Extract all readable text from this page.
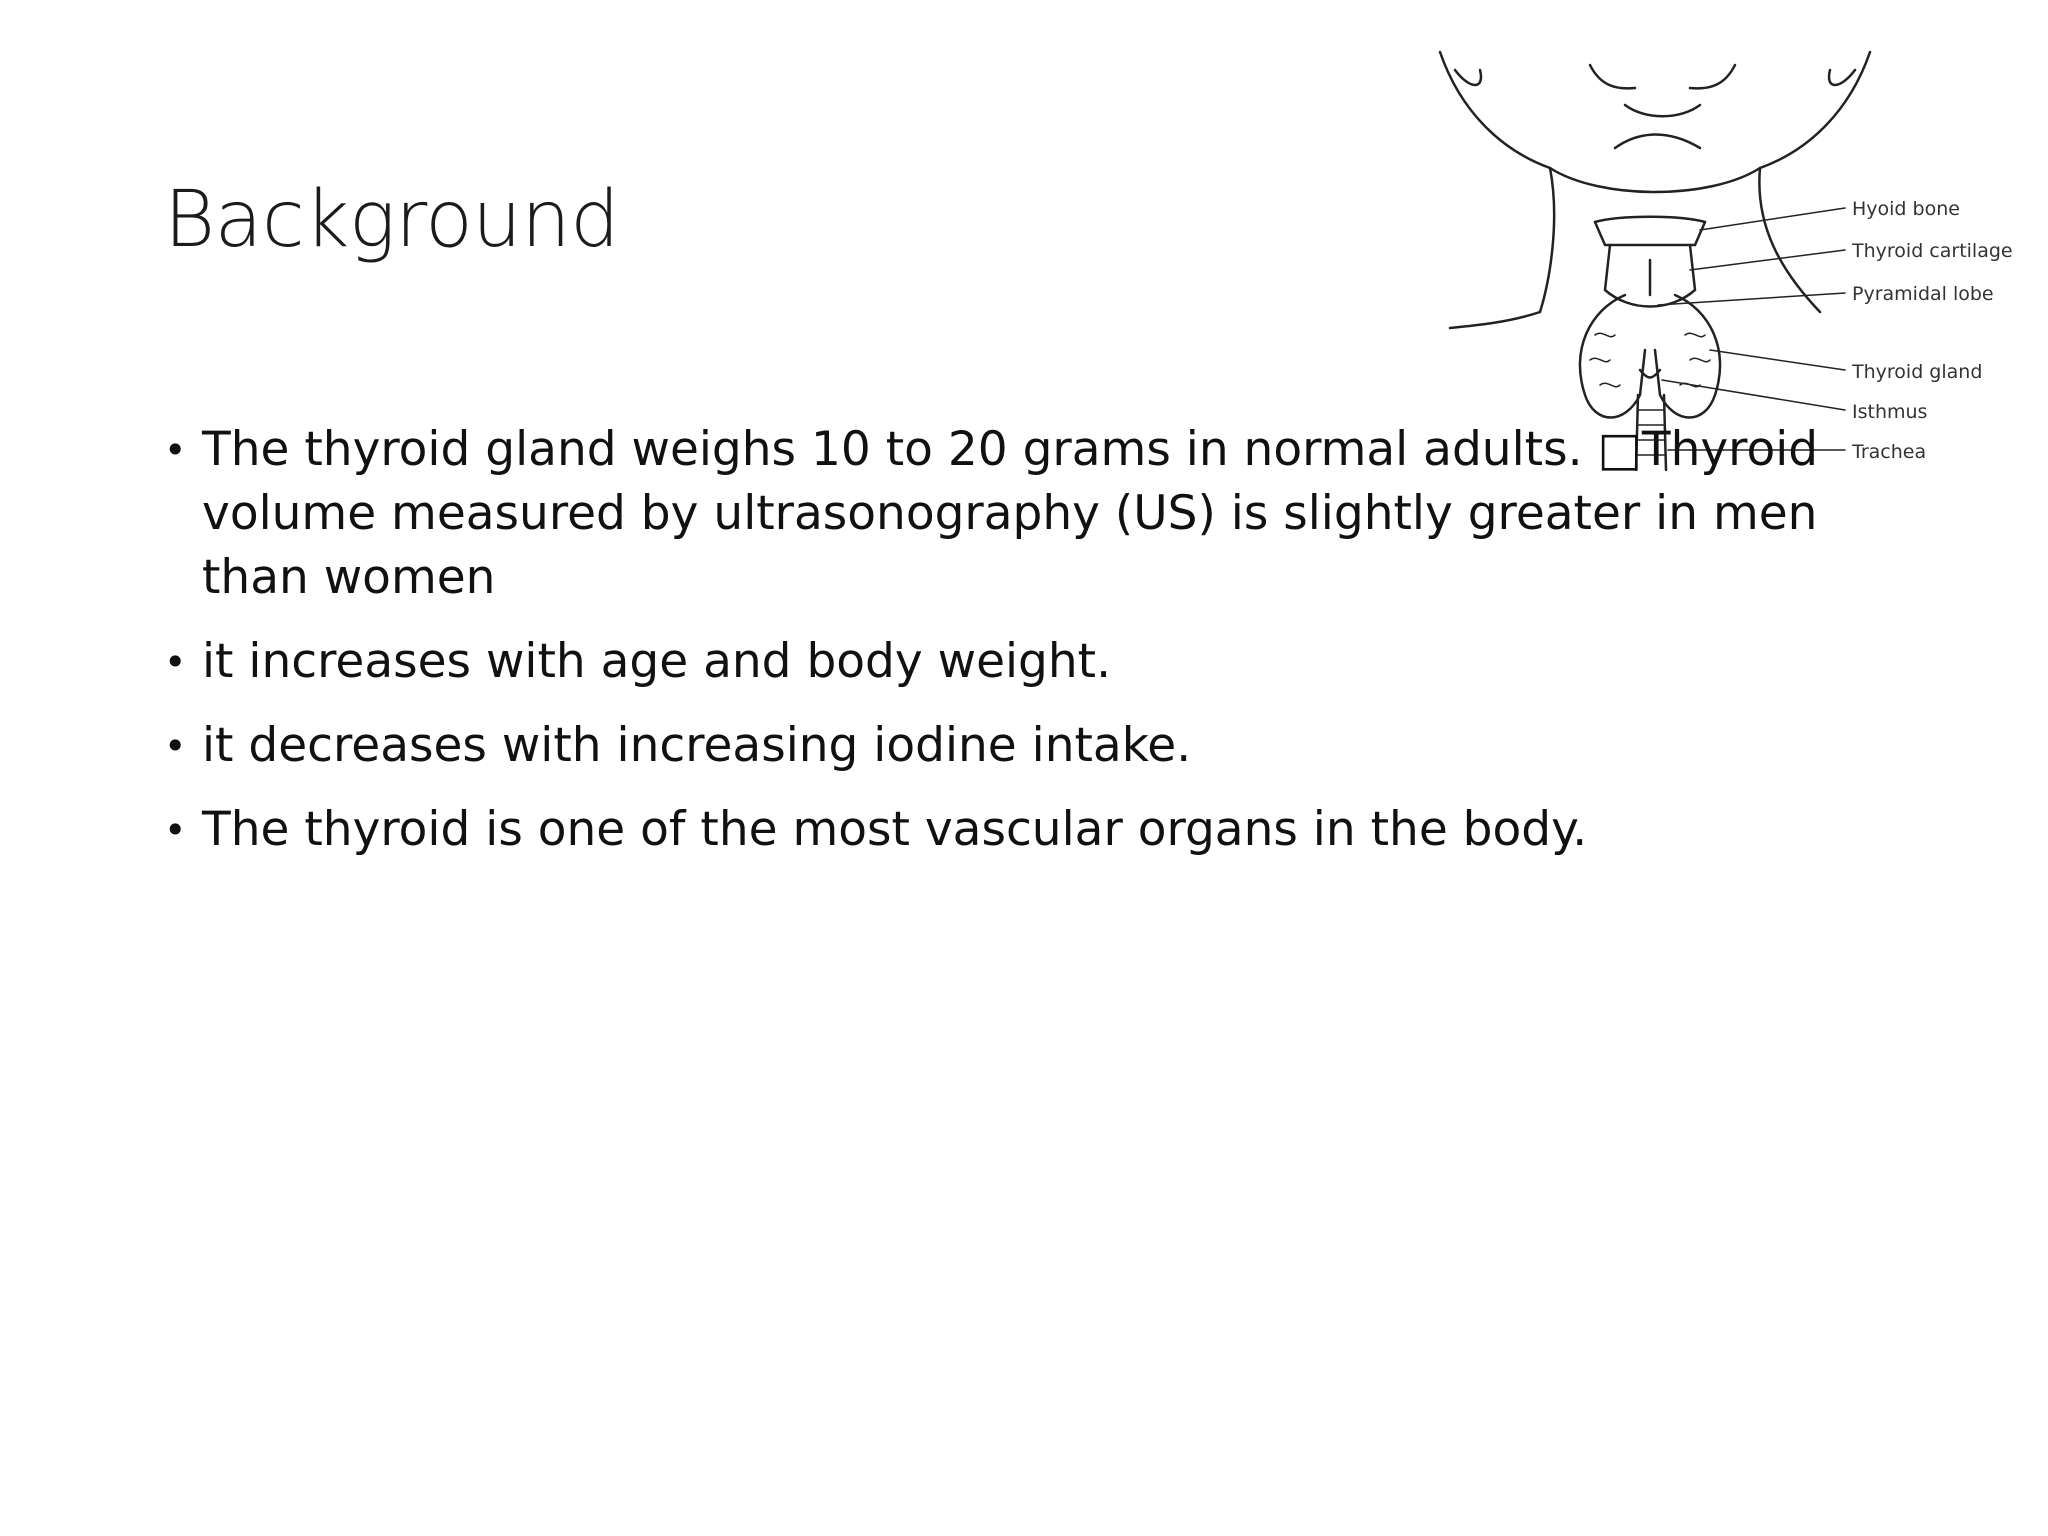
Background	Hyoid bone
Thyroid cartilage
Pyramidal lobe
Thyroid gland
Isthmus
Trachea
• The thyroid gland weighs 10 to 20 grams in normal adults. □Thyroid volume measured by ultrasonography (US) is slightly greater in men than women
• it increases with age and body weight.
• it decreases with increasing iodine intake.
• The thyroid is one of the most vascular organs in the body.
